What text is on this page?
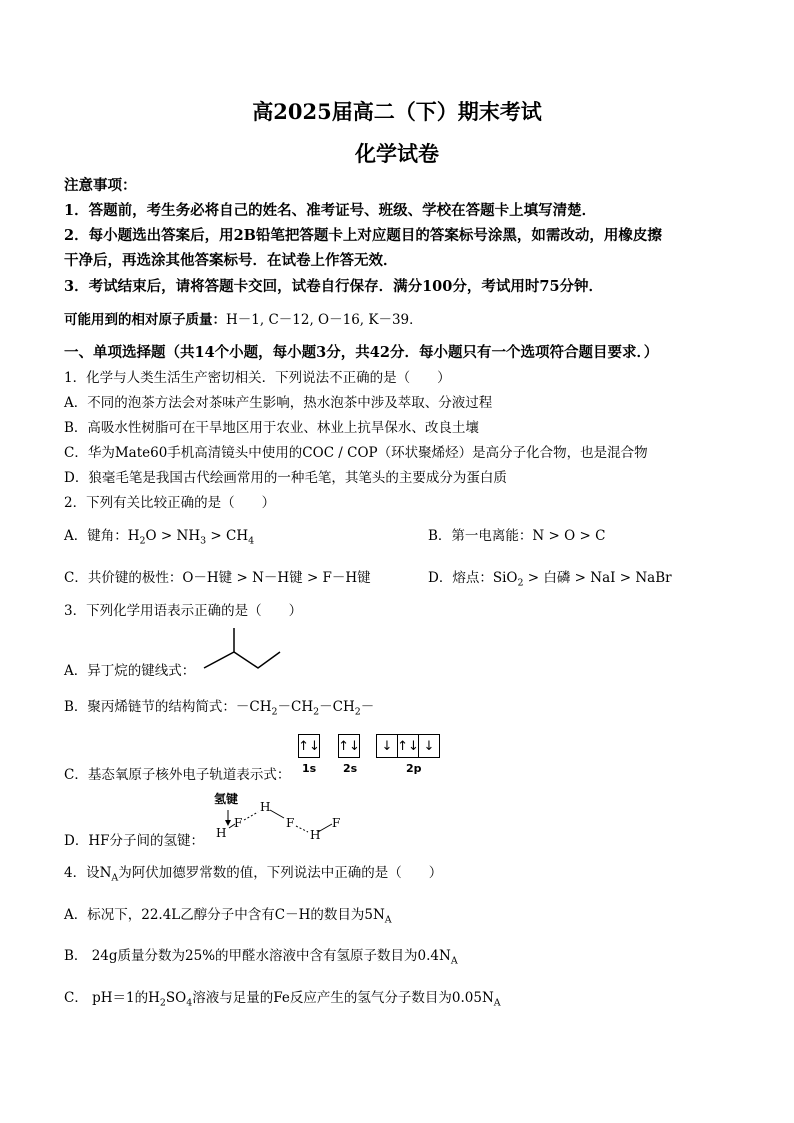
高2025届高二（下）期末考试
化学试卷
注意事项：
1．答题前，考生务必将自己的姓名、准考证号、班级、学校在答题卡上填写清楚．
2．每小题选出答案后，用2B铅笔把答题卡上对应题目的答案标号涂黑，如需改动，用橡皮擦
干净后，再选涂其他答案标号．在试卷上作答无效．
3．考试结束后，请将答题卡交回，试卷自行保存．满分100分，考试用时75分钟．
可能用到的相对原子质量：H－1, C－12, O－16, K－39．
一、单项选择题（共14个小题，每小题3分，共42分．每小题只有一个选项符合题目要求．）
1．化学与人类生活生产密切相关．下列说法不正确的是（　　）
A．不同的泡茶方法会对茶味产生影响，热水泡茶中涉及萃取、分液过程
B．高吸水性树脂可在干旱地区用于农业、林业上抗旱保水、改良土壤
C．华为Mate60手机高清镜头中使用的COC / COP（环状聚烯烃）是高分子化合物，也是混合物
D．狼毫毛笔是我国古代绘画常用的一种毛笔，其笔头的主要成分为蛋白质
2．下列有关比较正确的是（　　）
A．键角：$H_2O > NH_3 > CH_4$	B．第一电离能：N > O > C
C．共价键的极性：O－H键 > N－H键 > F－H键	D．熔点：SiO$_2$ > 白磷 > NaI > NaBr
3．下列化学用语表示正确的是（　　）
A．异丁烷的键线式：
B．聚丙烯链节的结构简式：$-CH_2-CH_2-CH_2-$
C．基态氧原子核外电子轨道表示式：
↑↓ ↑↓	↓ ↑↓ ↓
1s 2s	2p
D．HF分子间的氢键：
氢键
H
F
H
F
H
F
4．设$N_A$为阿伏加德罗常数的值，下列说法中正确的是（　　）
A．标况下，22.4L乙醇分子中含有C－H的数目为$5N_A$
B． 24g质量分数为25%的甲醛水溶液中含有氢原子数目为$0.4N_A$
C． pH＝1的$H_2SO_4$溶液与足量的Fe反应产生的氢气分子数目为$0.05N_A$
